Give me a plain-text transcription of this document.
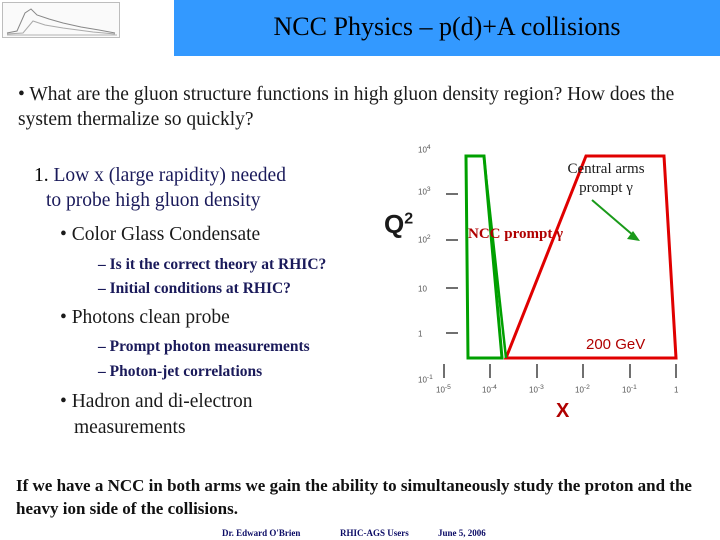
NCC Physics – p(d)+A collisions
• What are the gluon structure functions in high gluon density region? How does the system thermalize so quickly?
1. Low x (large rapidity) needed
to probe high gluon density
• Color Glass Condensate
– Is it the correct theory at RHIC?
– Initial conditions at RHIC?
• Photons clean probe
– Prompt photon measurements
– Photon-jet correlations
• Hadron and di-electron
measurements
$Q^2$
$10^4$
$10^3$
$10^2$
10
1
$10^{-1}$
$10^{-5}$	$10^{-4}$	$10^{-3}$	$10^{-2}$	$10^{-1}$	1
Central arms
prompt γ
NCC prompt γ
200 GeV
X
If we have a NCC in both arms we gain the ability to simultaneously study the proton and the heavy ion side of the collisions.
Dr. Edward O'Brien	RHIC-AGS Users	June 5, 2006
